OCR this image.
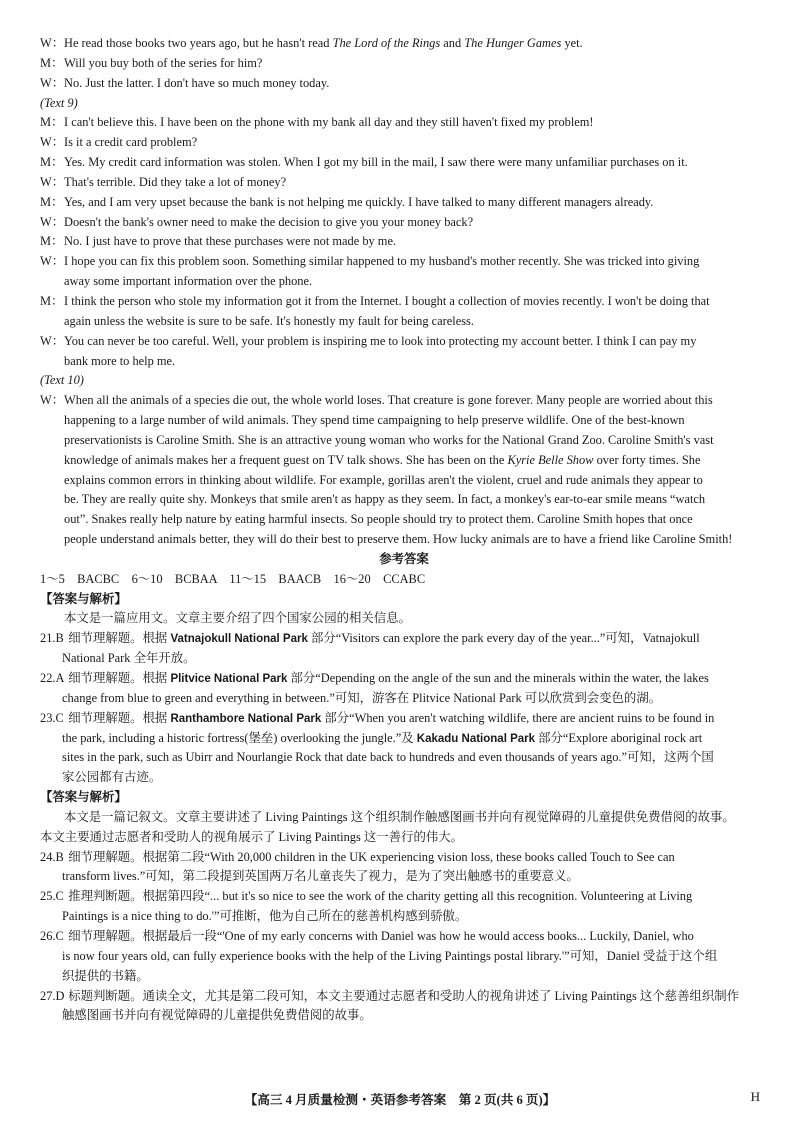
W：He read those books two years ago, but he hasn't read The Lord of the Rings and The Hunger Games yet.
M：Will you buy both of the series for him?
W：No. Just the latter. I don't have so much money today.
(Text 9)
M：I can't believe this. I have been on the phone with my bank all day and they still haven't fixed my problem!
W：Is it a credit card problem?
M：Yes. My credit card information was stolen. When I got my bill in the mail, I saw there were many unfamiliar purchases on it.
W：That's terrible. Did they take a lot of money?
M：Yes, and I am very upset because the bank is not helping me quickly. I have talked to many different managers already.
W：Doesn't the bank's owner need to make the decision to give you your money back?
M：No. I just have to prove that these purchases were not made by me.
W：I hope you can fix this problem soon. Something similar happened to my husband's mother recently. She was tricked into giving
away some important information over the phone.
M：I think the person who stole my information got it from the Internet. I bought a collection of movies recently. I won't be doing that
again unless the website is sure to be safe. It's honestly my fault for being careless.
W：You can never be too careful. Well, your problem is inspiring me to look into protecting my account better. I think I can pay my
bank more to help me.
(Text 10)
W：When all the animals of a species die out, the whole world loses. That creature is gone forever. Many people are worried about this
happening to a large number of wild animals. They spend time campaigning to help preserve wildlife. One of the best-known
preservationists is Caroline Smith. She is an attractive young woman who works for the National Grand Zoo. Caroline Smith's vast
knowledge of animals makes her a frequent guest on TV talk shows. She has been on the Kyrie Belle Show over forty times. She
explains common errors in thinking about wildlife. For example, gorillas aren't the violent, cruel and rude animals they appear to
be. They are really quite shy. Monkeys that smile aren't as happy as they seem. In fact, a monkey's ear-to-ear smile means “watch
out”. Snakes really help nature by eating harmful insects. So people should try to protect them. Caroline Smith hopes that once
people understand animals better, they will do their best to preserve them. How lucky animals are to have a friend like Caroline Smith!
参考答案
1～5　BACBC　6～10　BCBAA　11～15　BAACB　16～20　CCABC
【答案与解析】
本文是一篇应用文。文章主要介绍了四个国家公园的相关信息。
21.B 细节理解题。根据 Vatnajokull National Park 部分“Visitors can explore the park every day of the year...”可知，Vatnajokull
National Park 全年开放。
22.A 细节理解题。根据 Plitvice National Park 部分“Depending on the angle of the sun and the minerals within the water, the lakes
change from blue to green and everything in between.”可知，游客在 Plitvice National Park 可以欣赏到会变色的湖。
23.C 细节理解题。根据 Ranthambore National Park 部分“When you aren't watching wildlife, there are ancient ruins to be found in
the park, including a historic fortress(堡垒) overlooking the jungle.”及 Kakadu National Park 部分“Explore aboriginal rock art
sites in the park, such as Ubirr and Nourlangie Rock that date back to hundreds and even thousands of years ago.”可知，这两个国
家公园都有古迹。
【答案与解析】
本文是一篇记叙文。文章主要讲述了 Living Paintings 这个组织制作触感图画书并向有视觉障碍的儿童提供免费借阅的故事。
本文主要通过志愿者和受助人的视角展示了 Living Paintings 这一善行的伟大。
24.B 细节理解题。根据第二段“With 20,000 children in the UK experiencing vision loss, these books called Touch to See can
transform lives.”可知，第二段提到英国两万名儿童丧失了视力，是为了突出触感书的重要意义。
25.C 推理判断题。根据第四段“... but it's so nice to see the work of the charity getting all this recognition. Volunteering at Living
Paintings is a nice thing to do.'”可推断，他为自己所在的慈善机构感到骄傲。
26.C 细节理解题。根据最后一段“'One of my early concerns with Daniel was how he would access books... Luckily, Daniel, who
is now four years old, can fully experience books with the help of the Living Paintings postal library.'”可知，Daniel 受益于这个组
织提供的书籍。
27.D 标题判断题。通读全文，尤其是第二段可知，本文主要通过志愿者和受助人的视角讲述了 Living Paintings 这个慈善组织制作
触感图画书并向有视觉障碍的儿童提供免费借阅的故事。
【高三 4 月质量检测・英语参考答案　第 2 页(共 6 页)】	H
